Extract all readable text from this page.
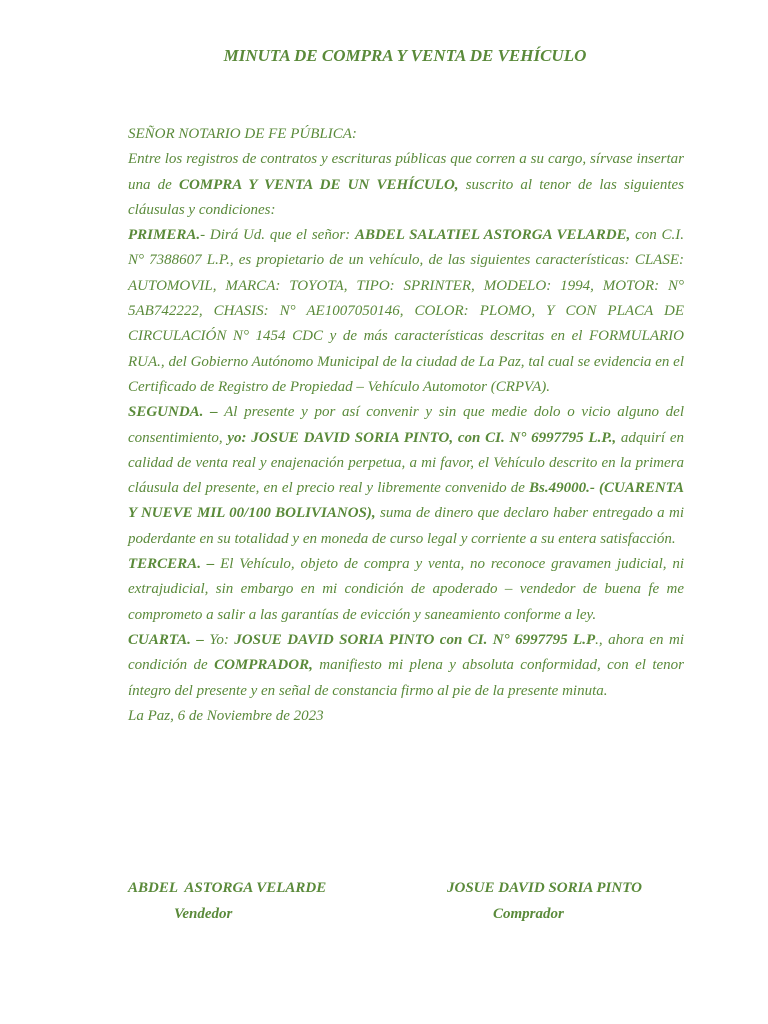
MINUTA DE COMPRA Y VENTA DE VEHÍCULO

SEÑOR NOTARIO DE FE PÚBLICA:

Entre los registros de contratos y escrituras públicas que corren a su cargo, sírvase insertar una de COMPRA Y VENTA DE UN VEHÍCULO, suscrito al tenor de las siguientes cláusulas y condiciones:

PRIMERA.- Dirá Ud. que el señor: ABDEL SALATIEL ASTORGA VELARDE, con C.I. N° 7388607 L.P., es propietario de un vehículo, de las siguientes características: CLASE: AUTOMOVIL, MARCA: TOYOTA, TIPO: SPRINTER, MODELO: 1994, MOTOR: N° 5AB742222, CHASIS: N° AE1007050146, COLOR: PLOMO, Y CON PLACA DE CIRCULACIÓN N° 1454 CDC y de más características descritas en el FORMULARIO RUA., del Gobierno Autónomo Municipal de la ciudad de La Paz, tal cual se evidencia en el Certificado de Registro de Propiedad – Vehículo Automotor (CRPVA).

SEGUNDA. – Al presente y por así convenir y sin que medie dolo o vicio alguno del consentimiento, yo: JOSUE DAVID SORIA PINTO, con CI. N° 6997795 L.P., adquirí en calidad de venta real y enajenación perpetua, a mi favor, el Vehículo descrito en la primera cláusula del presente, en el precio real y libremente convenido de Bs.49000.- (CUARENTA Y NUEVE MIL 00/100 BOLIVIANOS), suma de dinero que declaro haber entregado a mi poderdante en su totalidad y en moneda de curso legal y corriente a su entera satisfacción.

TERCERA. – El Vehículo, objeto de compra y venta, no reconoce gravamen judicial, ni extrajudicial, sin embargo en mi condición de apoderado – vendedor de buena fe me comprometo a salir a las garantías de evicción y saneamiento conforme a ley.

CUARTA. – Yo: JOSUE DAVID SORIA PINTO con CI. N° 6997795 L.P., ahora en mi condición de COMPRADOR, manifiesto mi plena y absoluta conformidad, con el tenor íntegro del presente y en señal de constancia firmo al pie de la presente minuta.

La Paz, 6 de Noviembre de 2023

ABDEL  ASTORGA VELARDE
Vendedor
JOSUE DAVID SORIA PINTO
Comprador
